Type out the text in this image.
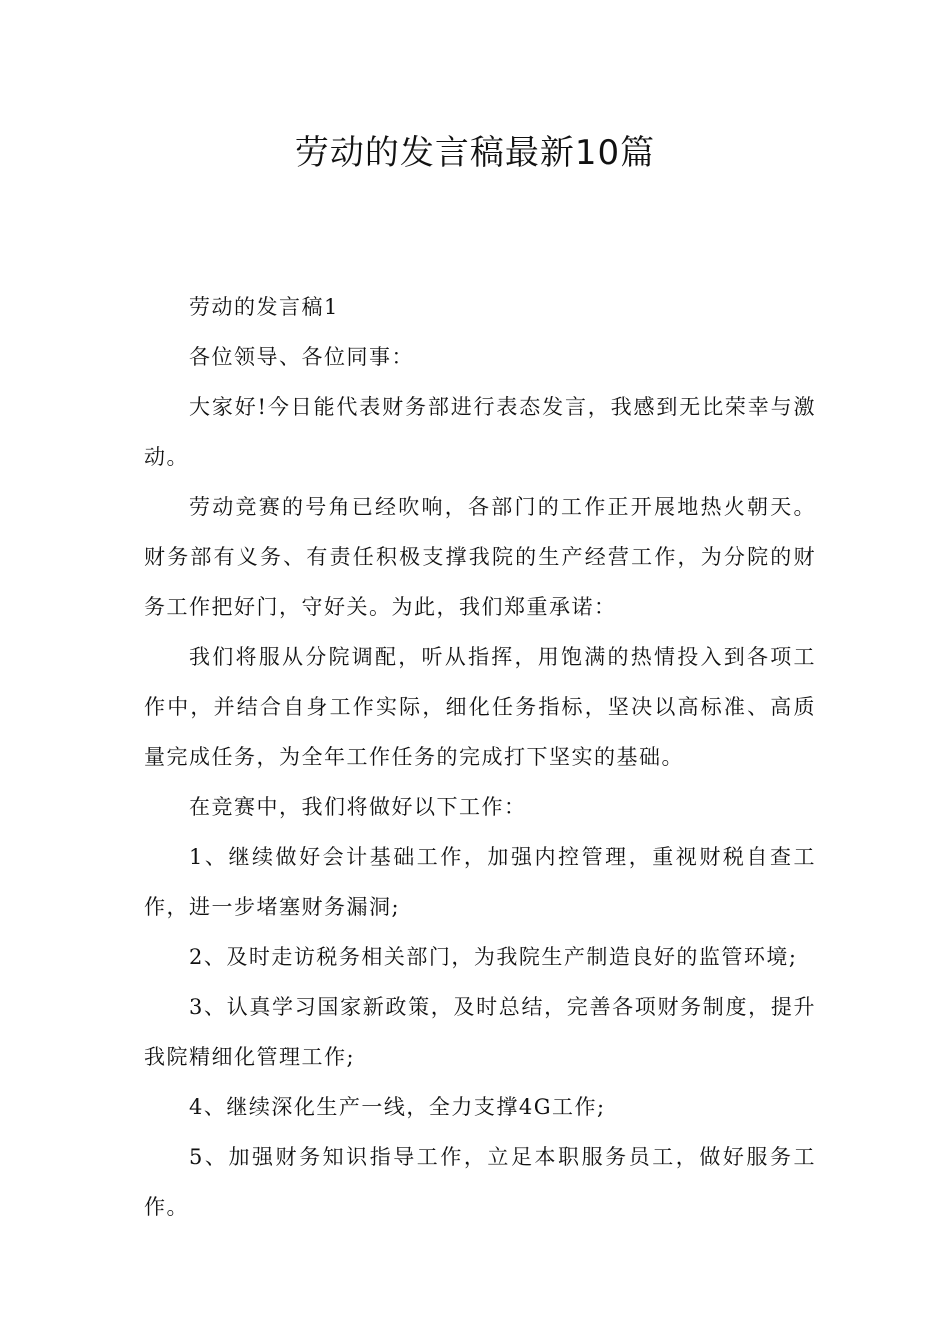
劳动的发言稿最新10篇

劳动的发言稿1

各位领导、各位同事：

大家好!今日能代表财务部进行表态发言，我感到无比荣幸与激动。

劳动竞赛的号角已经吹响，各部门的工作正开展地热火朝天。财务部有义务、有责任积极支撑我院的生产经营工作，为分院的财务工作把好门，守好关。为此，我们郑重承诺：

我们将服从分院调配，听从指挥，用饱满的热情投入到各项工作中，并结合自身工作实际，细化任务指标，坚决以高标准、高质量完成任务，为全年工作任务的完成打下坚实的基础。

在竞赛中，我们将做好以下工作：

1、继续做好会计基础工作，加强内控管理，重视财税自查工作，进一步堵塞财务漏洞;

2、及时走访税务相关部门，为我院生产制造良好的监管环境;

3、认真学习国家新政策，及时总结，完善各项财务制度，提升我院精细化管理工作;

4、继续深化生产一线，全力支撑4G工作;

5、加强财务知识指导工作，立足本职服务员工，做好服务工作。
